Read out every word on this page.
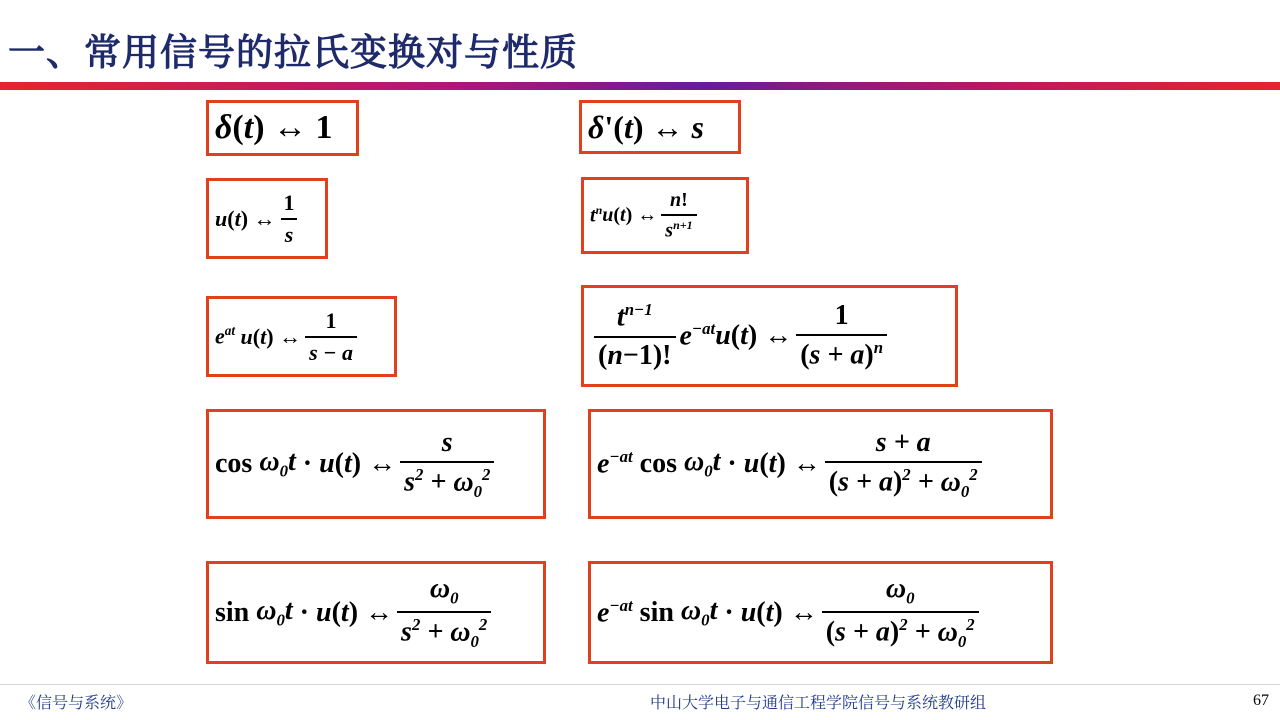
一、常用信号的拉氏变换对与性质
δ ( t )
↔
1	δ '( t )
↔
s
u ( t )
↔ $\frac{1}{s}$	$t^n$ u ( t )
↔ $\frac{n!}{s^{n+1}}$
$e^{at}$
u ( t )
↔ $\frac{1}{s - a}$	$\frac{t^{n-1}}{(n-1)!} e^{-at}$ u ( t )
↔ $\frac{1}{(s + a)^n}$
cos
$\omega_0t$
·
u ( t )
↔ $\frac{s}{s^2 + \omega_0^2}$	$e^{-at}$
cos
$\omega_0t$
·
u ( t )
↔ $\frac{s + a}{(s + a)^2 + \omega_0^2}$
sin
$\omega_0t$
·
u ( t )
↔ $\frac{\omega_0}{s^2 + \omega_0^2}$	$e^{-at}$
sin
$\omega_0t$
·
u ( t )
↔ $\frac{\omega_0}{(s + a)^2 + \omega_0^2}$
《信号与系统》	中山大学电子与通信工程学院信号与系统教研组	67
